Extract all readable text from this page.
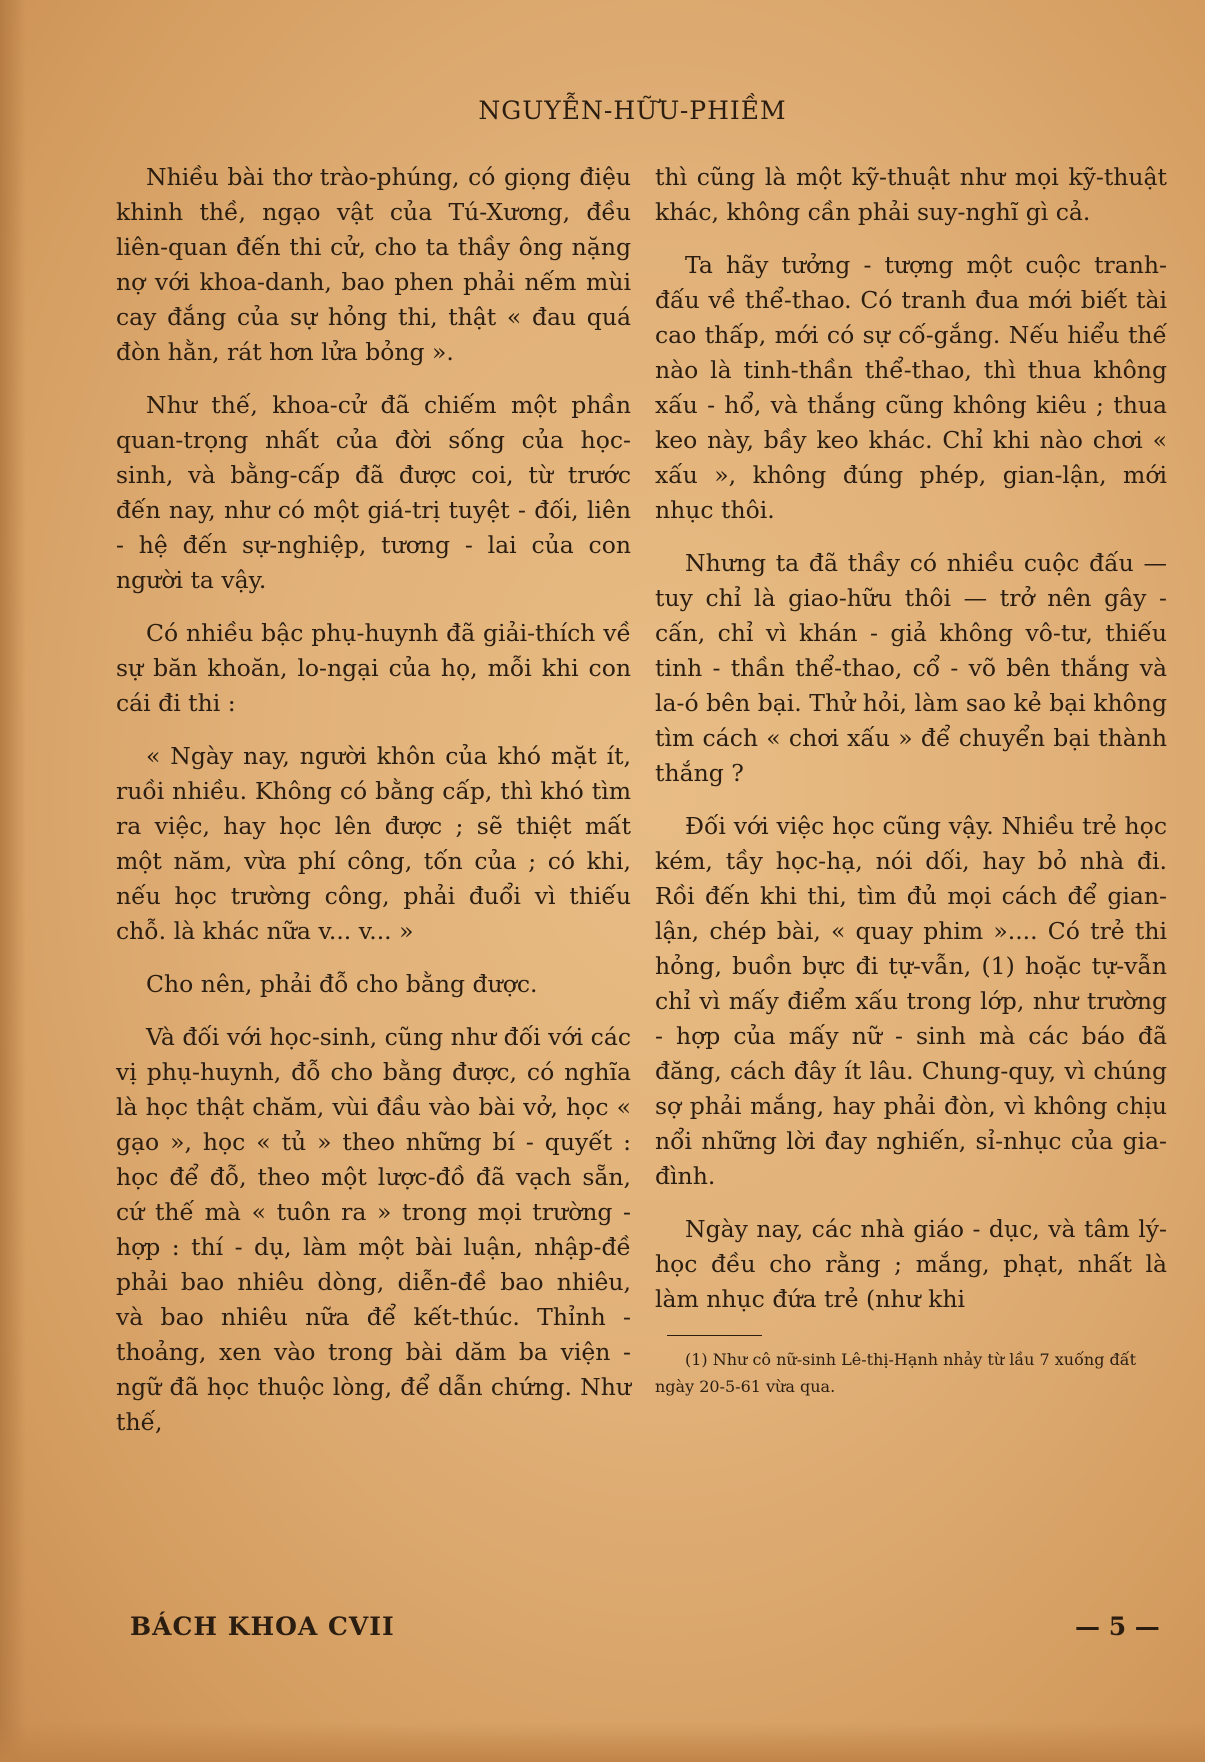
NGUYỄN-HỮU-PHIỀM

Nhiều bài thơ trào-phúng, có giọng điệu khinh thề, ngạo vật của Tú-Xương, đều liên-quan đến thi cử, cho ta thầy ông nặng nợ với khoa-danh, bao phen phải nếm mùi cay đắng của sự hỏng thi, thật « đau quá đòn hằn, rát hơn lửa bỏng ».

Như thế, khoa-cử đã chiếm một phần quan-trọng nhất của đời sống của học-sinh, và bằng-cấp đã được coi, từ trước đến nay, như có một giá-trị tuyệt - đối, liên - hệ đến sự-nghiệp, tương - lai của con người ta vậy.

Có nhiều bậc phụ-huynh đã giải-thích về sự băn khoăn, lo-ngại của họ, mỗi khi con cái đi thi :

« Ngày nay, người khôn của khó mặt ít, ruồi nhiều. Không có bằng cấp, thì khó tìm ra việc, hay học lên được ; sẽ thiệt mất một năm, vừa phí công, tốn của ; có khi, nếu học trường công, phải đuổi vì thiếu chỗ. là khác nữa v... v... »

Cho nên, phải đỗ cho bằng được.

Và đối với học-sinh, cũng như đối với các vị phụ-huynh, đỗ cho bằng được, có nghĩa là học thật chăm, vùi đầu vào bài vở, học « gạo », học « tủ » theo những bí - quyết : học để đỗ, theo một lược-đồ đã vạch sẵn, cứ thế mà « tuôn ra » trong mọi trường - hợp : thí - dụ, làm một bài luận, nhập-đề phải bao nhiêu dòng, diễn-đề bao nhiêu, và bao nhiêu nữa để kết-thúc. Thỉnh - thoảng, xen vào trong bài dăm ba viện - ngữ đã học thuộc lòng, để dẫn chứng. Như thế,

thì cũng là một kỹ-thuật như mọi kỹ-thuật khác, không cần phải suy-nghĩ gì cả.

Ta hãy tưởng - tượng một cuộc tranh-đấu về thể-thao. Có tranh đua mới biết tài cao thấp, mới có sự cố-gắng. Nếu hiểu thế nào là tinh-thần thể-thao, thì thua không xấu - hổ, và thắng cũng không kiêu ; thua keo này, bầy keo khác. Chỉ khi nào chơi « xấu », không đúng phép, gian-lận, mới nhục thôi.

Nhưng ta đã thầy có nhiều cuộc đấu — tuy chỉ là giao-hữu thôi — trở nên gây - cấn, chỉ vì khán - giả không vô-tư, thiếu tinh - thần thể-thao, cổ - võ bên thắng và la-ó bên bại. Thử hỏi, làm sao kẻ bại không tìm cách « chơi xấu » để chuyển bại thành thắng ?

Đối với việc học cũng vậy. Nhiều trẻ học kém, tầy học-hạ, nói dối, hay bỏ nhà đi. Rồi đến khi thi, tìm đủ mọi cách để gian-lận, chép bài, « quay phim ».... Có trẻ thi hỏng, buồn bực đi tự-vẫn, (1) hoặc tự-vẫn chỉ vì mấy điểm xấu trong lớp, như trường - hợp của mấy nữ - sinh mà các báo đã đăng, cách đây ít lâu. Chung-quy, vì chúng sợ phải mắng, hay phải đòn, vì không chịu nổi những lời đay nghiến, sỉ-nhục của gia-đình.

Ngày nay, các nhà giáo - dục, và tâm lý-học đều cho rằng ; mắng, phạt, nhất là làm nhục đứa trẻ (như khi

(1) Như cô nữ-sinh Lê-thị-Hạnh nhảy từ lầu 7 xuống đất ngày 20-5-61 vừa qua.

BÁCH KHOA CVII	— 5 —
